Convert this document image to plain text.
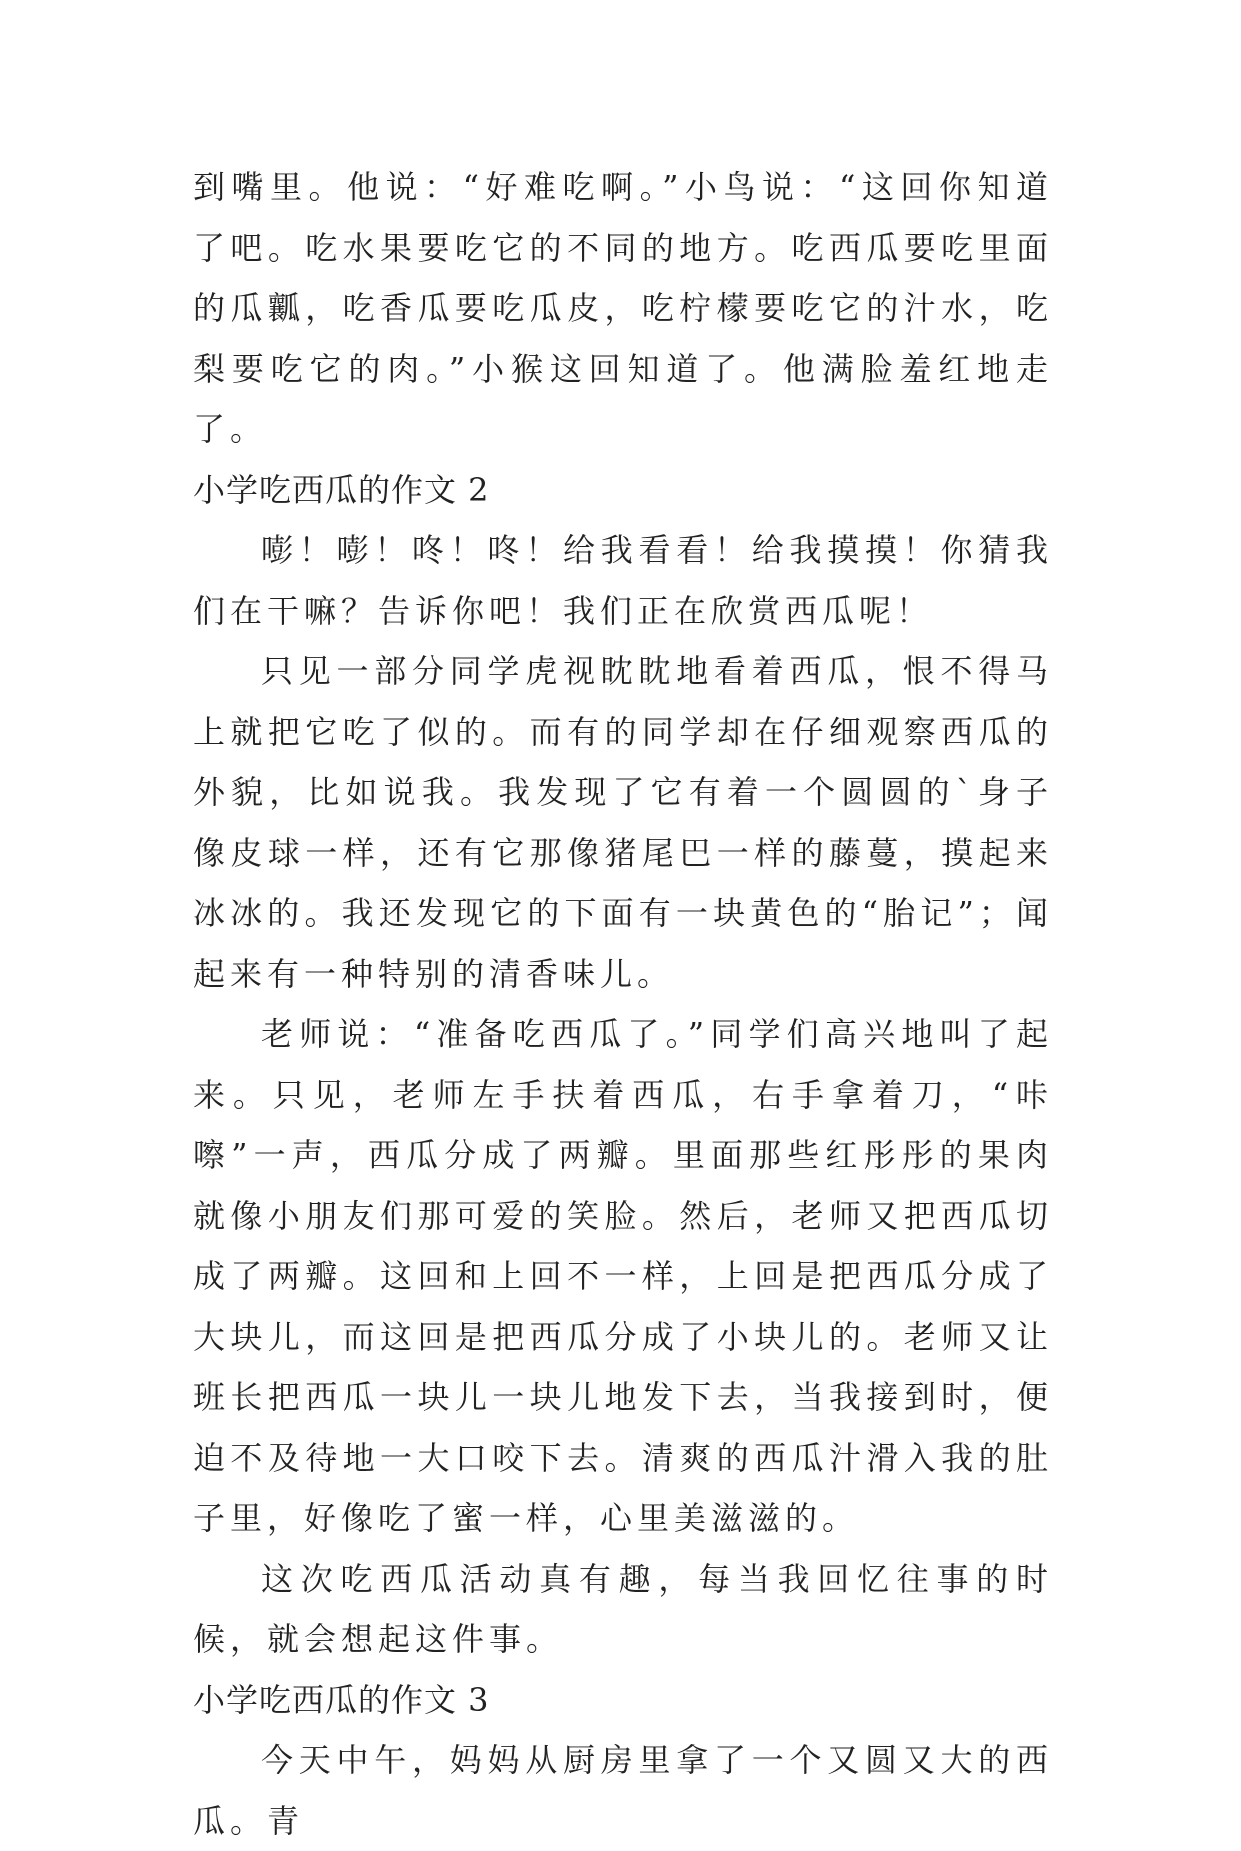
到嘴里。他说：“好难吃啊。”小鸟说：“这回你知道了吧。吃水果要吃它的不同的地方。吃西瓜要吃里面的瓜瓤，吃香瓜要吃瓜皮，吃柠檬要吃它的汁水，吃梨要吃它的肉。”小猴这回知道了。他满脸羞红地走了。

小学吃西瓜的作文 2

嘭！嘭！咚！咚！给我看看！给我摸摸！你猜我们在干嘛？告诉你吧！我们正在欣赏西瓜呢！

只见一部分同学虎视眈眈地看着西瓜，恨不得马上就把它吃了似的。而有的同学却在仔细观察西瓜的外貌，比如说我。我发现了它有着一个圆圆的`身子像皮球一样，还有它那像猪尾巴一样的藤蔓，摸起来冰冰的。我还发现它的下面有一块黄色的“胎记”；闻起来有一种特别的清香味儿。

老师说：“准备吃西瓜了。”同学们高兴地叫了起来。只见，老师左手扶着西瓜，右手拿着刀，“咔嚓”一声，西瓜分成了两瓣。里面那些红彤彤的果肉就像小朋友们那可爱的笑脸。然后，老师又把西瓜切成了两瓣。这回和上回不一样，上回是把西瓜分成了大块儿，而这回是把西瓜分成了小块儿的。老师又让班长把西瓜一块儿一块儿地发下去，当我接到时，便迫不及待地一大口咬下去。清爽的西瓜汁滑入我的肚子里，好像吃了蜜一样，心里美滋滋的。

这次吃西瓜活动真有趣，每当我回忆往事的时候，就会想起这件事。

小学吃西瓜的作文 3

今天中午，妈妈从厨房里拿了一个又圆又大的西瓜。青
